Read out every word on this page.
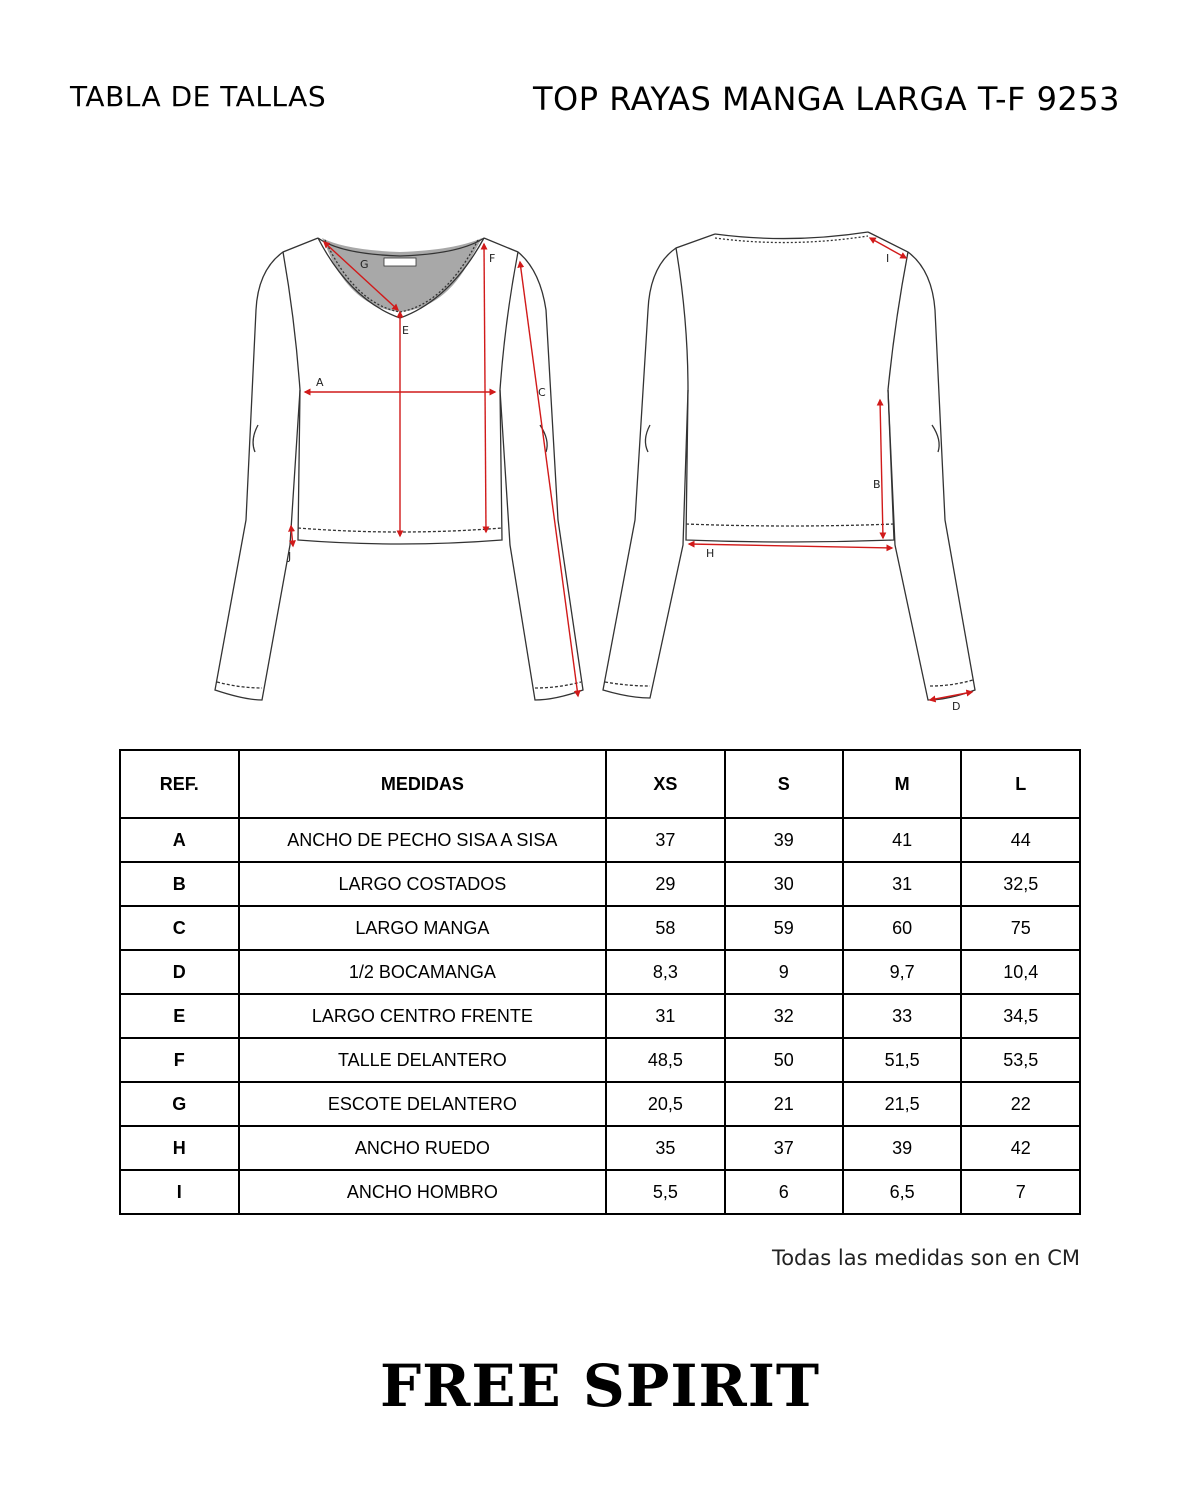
TABLA DE TALLAS	TOP RAYAS MANGA LARGA T-F 9253
A
E
F
G
C
J	H
B
I
D
REF.	MEDIDAS	XS	S	M	L
A	ANCHO DE PECHO SISA A SISA	37	39	41	44
B	LARGO COSTADOS	29	30	31	32,5
C	LARGO MANGA	58	59	60	75
D	1/2 BOCAMANGA	8,3	9	9,7	10,4
E	LARGO CENTRO FRENTE	31	32	33	34,5
F	TALLE DELANTERO	48,5	50	51,5	53,5
G	ESCOTE DELANTERO	20,5	21	21,5	22
H	ANCHO RUEDO	35	37	39	42
I	ANCHO HOMBRO	5,5	6	6,5	7
Todas las medidas son en CM
FREE SPIRIT
